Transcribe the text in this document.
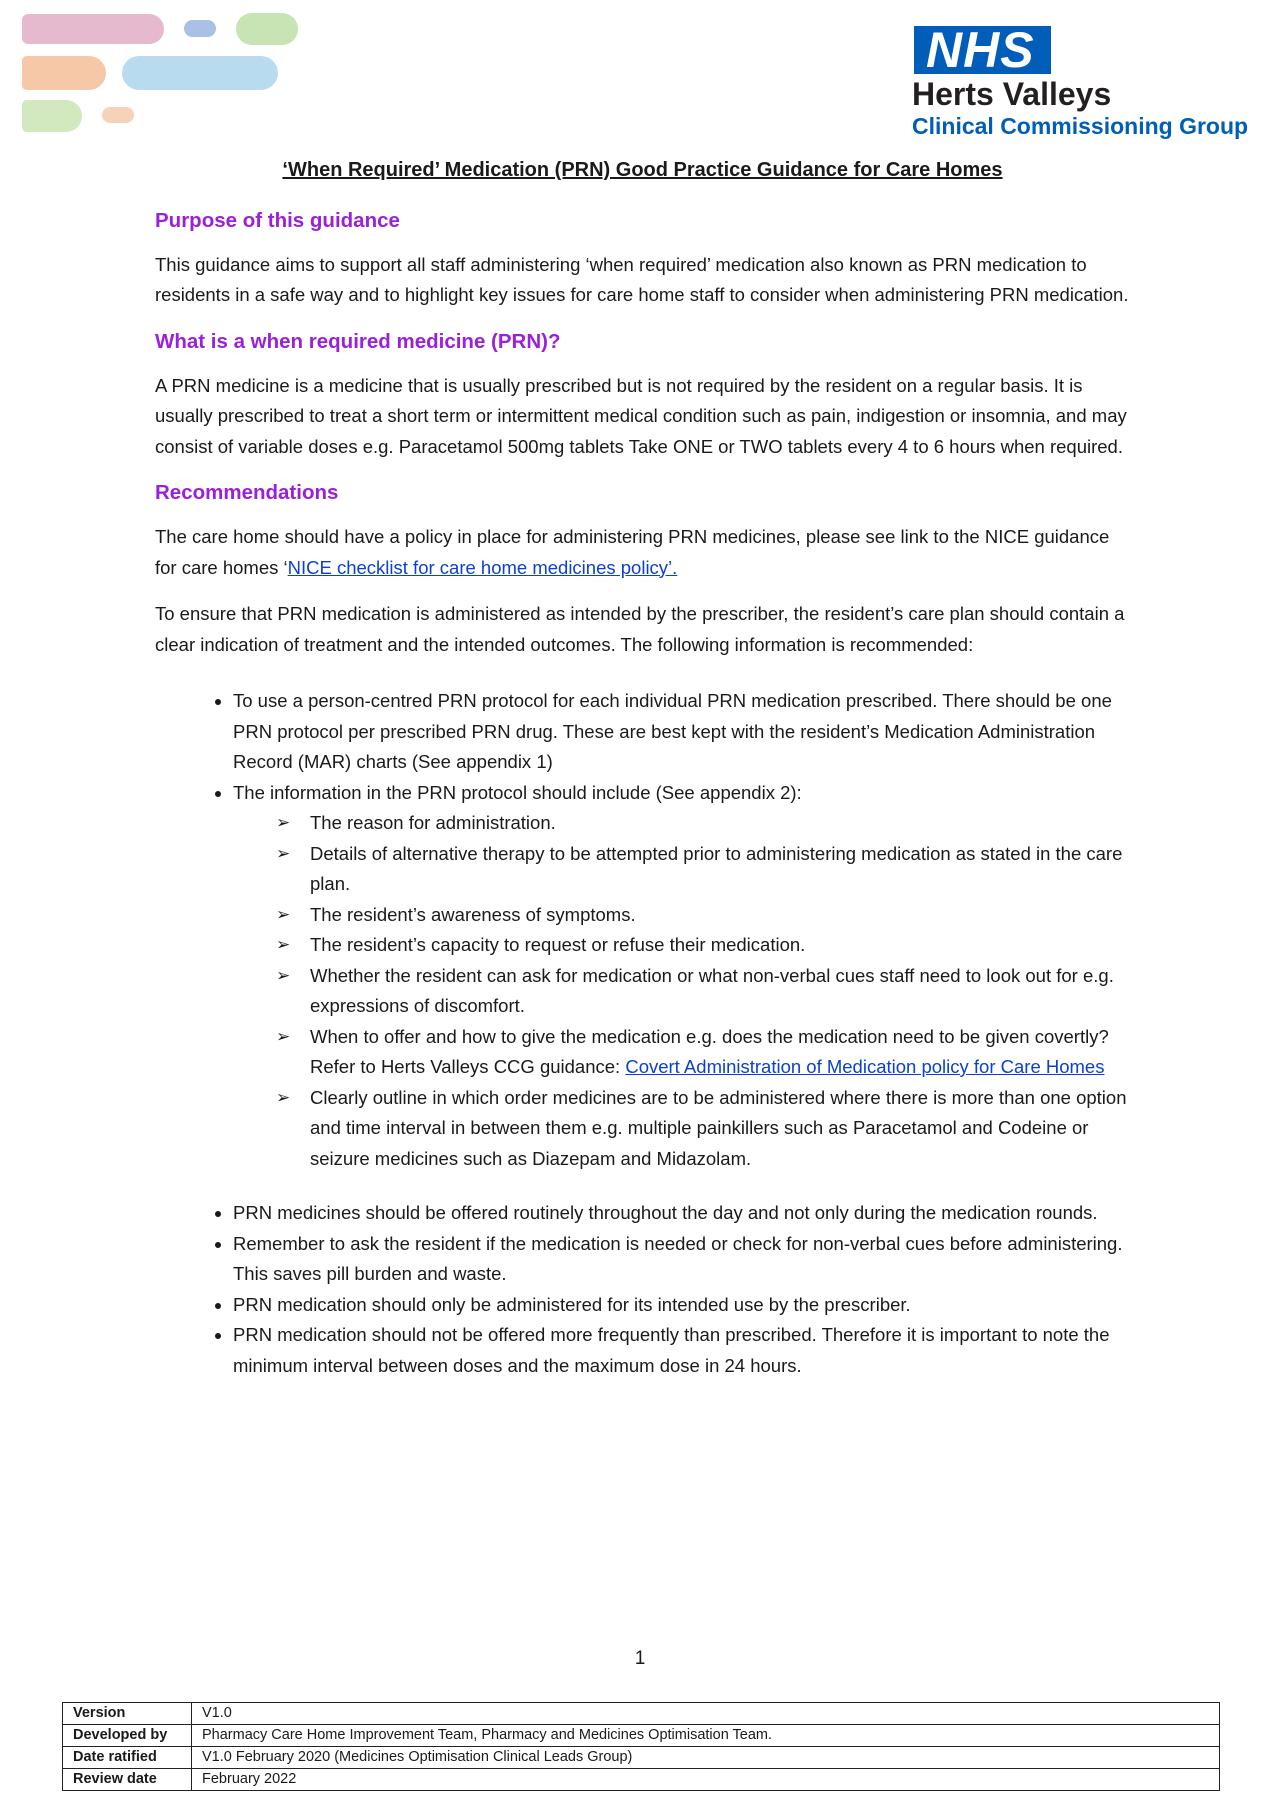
NHS
Herts Valleys
Clinical Commissioning Group
‘When Required’ Medication (PRN) Good Practice Guidance for Care Homes
Purpose of this guidance

This guidance aims to support all staff administering ‘when required’ medication also known as PRN medication to residents in a safe way and to highlight key issues for care home staff to consider when administering PRN medication.

What is a when required medicine (PRN)?

A PRN medicine is a medicine that is usually prescribed but is not required by the resident on a regular basis. It is usually prescribed to treat a short term or intermittent medical condition such as pain, indigestion or insomnia, and may consist of variable doses e.g. Paracetamol 500mg tablets Take ONE or TWO tablets every 4 to 6 hours when required.

Recommendations

The care home should have a policy in place for administering PRN medicines, please see link to the NICE guidance for care homes ‘NICE checklist for care home medicines policy’.

To ensure that PRN medication is administered as intended by the prescriber, the resident’s care plan should contain a clear indication of treatment and the intended outcomes. The following information is recommended:

• To use a person-centred PRN protocol for each individual PRN medication prescribed. There should be one PRN protocol per prescribed PRN drug. These are best kept with the resident’s Medication Administration Record (MAR) charts (See appendix 1)
• The information in the PRN protocol should include (See appendix 2):
➢ The reason for administration.
➢ Details of alternative therapy to be attempted prior to administering medication as stated in the care plan.
➢ The resident’s awareness of symptoms.
➢ The resident’s capacity to request or refuse their medication.
➢ Whether the resident can ask for medication or what non-verbal cues staff need to look out for e.g. expressions of discomfort.
➢ When to offer and how to give the medication e.g. does the medication need to be given covertly? Refer to Herts Valleys CCG guidance: Covert Administration of Medication policy for Care Homes
➢ Clearly outline in which order medicines are to be administered where there is more than one option and time interval in between them e.g. multiple painkillers such as Paracetamol and Codeine or seizure medicines such as Diazepam and Midazolam.
• PRN medicines should be offered routinely throughout the day and not only during the medication rounds.
• Remember to ask the resident if the medication is needed or check for non-verbal cues before administering. This saves pill burden and waste.
• PRN medication should only be administered for its intended use by the prescriber.
• PRN medication should not be offered more frequently than prescribed. Therefore it is important to note the minimum interval between doses and the maximum dose in 24 hours.
1
Version	V1.0
Developed by	Pharmacy Care Home Improvement Team, Pharmacy and Medicines Optimisation Team.
Date ratified	V1.0 February 2020 (Medicines Optimisation Clinical Leads Group)
Review date	February 2022
